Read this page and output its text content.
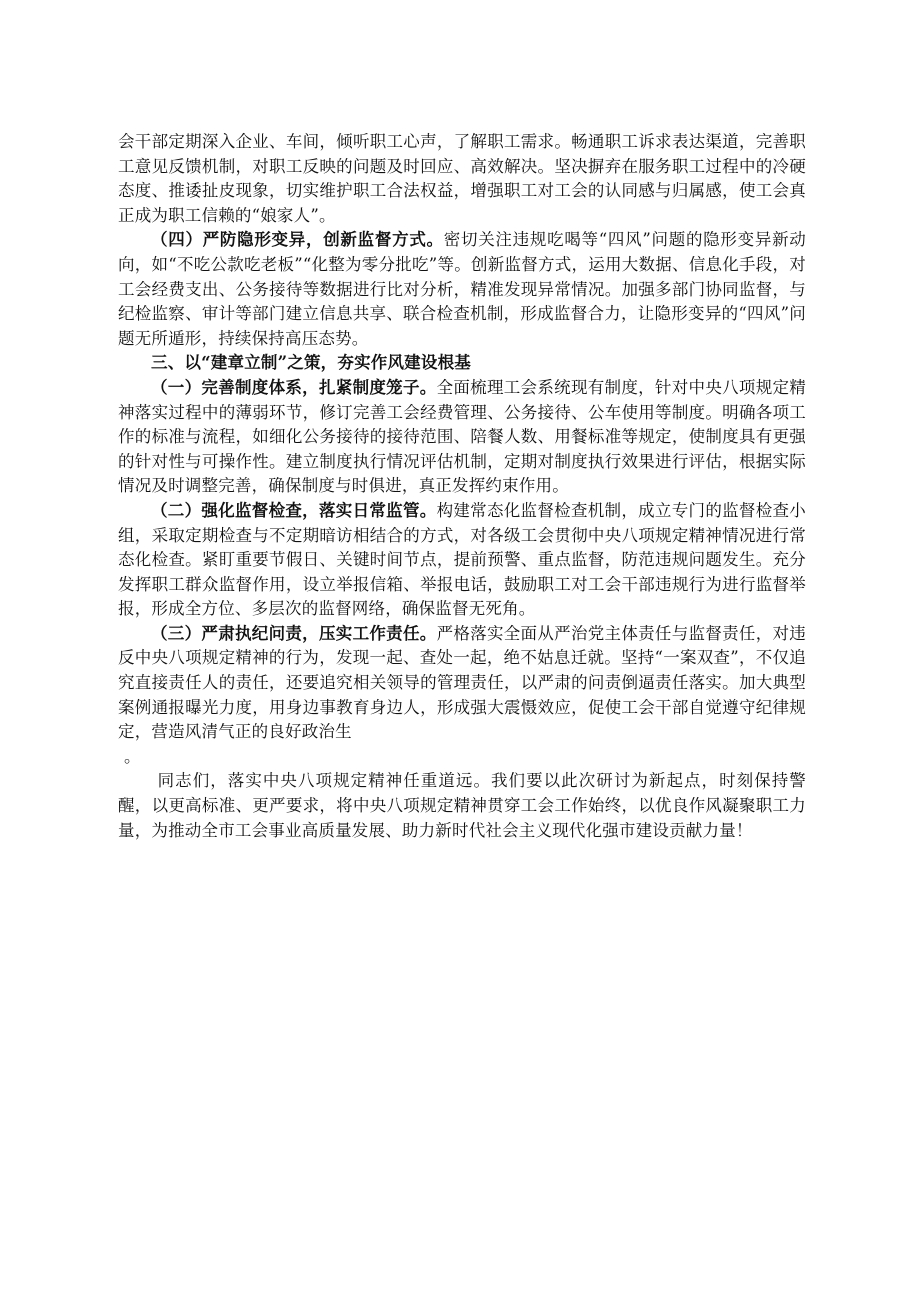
会干部定期深入企业、车间，倾听职工心声，了解职工需求。畅通职工诉求表达渠道，完善职工意见反馈机制，对职工反映的问题及时回应、高效解决。坚决摒弃在服务职工过程中的冷硬态度、推诿扯皮现象，切实维护职工合法权益，增强职工对工会的认同感与归属感，使工会真正成为职工信赖的“娘家人”。

（四）严防隐形变异，创新监督方式。密切关注违规吃喝等“四风”问题的隐形变异新动向，如“不吃公款吃老板”“化整为零分批吃”等。创新监督方式，运用大数据、信息化手段，对工会经费支出、公务接待等数据进行比对分析，精准发现异常情况。加强多部门协同监督，与纪检监察、审计等部门建立信息共享、联合检查机制，形成监督合力，让隐形变异的“四风”问题无所遁形，持续保持高压态势。

三、以“建章立制”之策，夯实作风建设根基

（一）完善制度体系，扎紧制度笼子。全面梳理工会系统现有制度，针对中央八项规定精神落实过程中的薄弱环节，修订完善工会经费管理、公务接待、公车使用等制度。明确各项工作的标准与流程，如细化公务接待的接待范围、陪餐人数、用餐标准等规定，使制度具有更强的针对性与可操作性。建立制度执行情况评估机制，定期对制度执行效果进行评估，根据实际情况及时调整完善，确保制度与时俱进，真正发挥约束作用。

（二）强化监督检查，落实日常监管。构建常态化监督检查机制，成立专门的监督检查小组，采取定期检查与不定期暗访相结合的方式，对各级工会贯彻中央八项规定精神情况进行常态化检查。紧盯重要节假日、关键时间节点，提前预警、重点监督，防范违规问题发生。充分发挥职工群众监督作用，设立举报信箱、举报电话，鼓励职工对工会干部违规行为进行监督举报，形成全方位、多层次的监督网络，确保监督无死角。

（三）严肃执纪问责，压实工作责任。严格落实全面从严治党主体责任与监督责任，对违反中央八项规定精神的行为，发现一起、查处一起，绝不姑息迁就。坚持“一案双查”，不仅追究直接责任人的责任，还要追究相关领导的管理责任，以严肃的问责倒逼责任落实。加大典型案例通报曝光力度，用身边事教育身边人，形成强大震慑效应，促使工会干部自觉遵守纪律规定，营造风清气正的良好政治生

。

同志们，落实中央八项规定精神任重道远。我们要以此次研讨为新起点，时刻保持警醒，以更高标准、更严要求，将中央八项规定精神贯穿工会工作始终，以优良作风凝聚职工力量，为推动全市工会事业高质量发展、助力新时代社会主义现代化强市建设贡献力量！
